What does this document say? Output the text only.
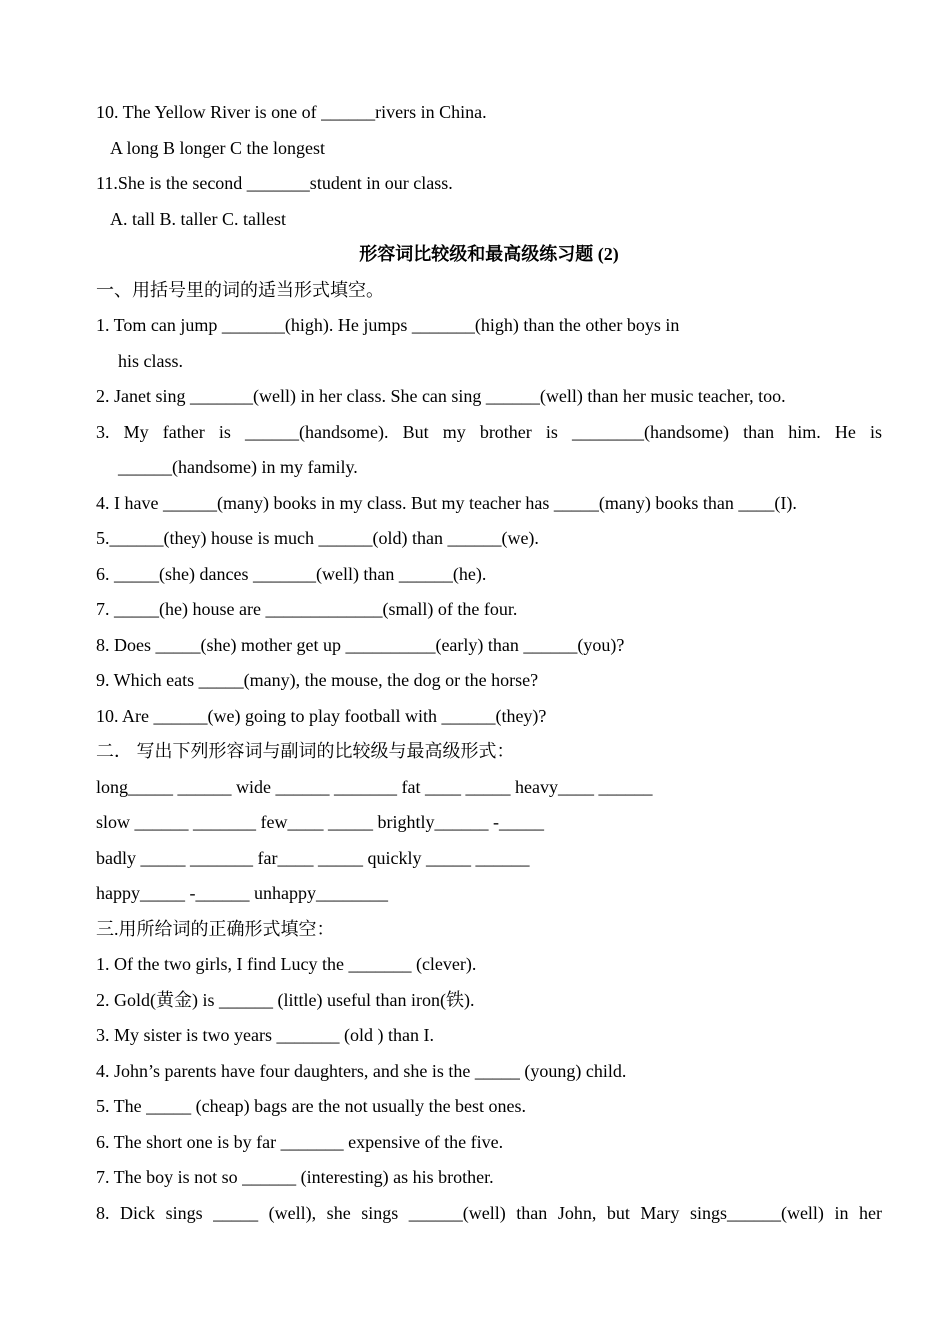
10. The Yellow River is one of ______rivers in China.
A long B longer C the longest
11.She is the second _______student in our class.
A. tall B. taller C. tallest
形容词比较级和最高级练习题 (2)
一、用括号里的词的适当形式填空。
1. Tom can jump _______(high). He jumps _______(high) than the other boys in
his class.
2. Janet sing _______(well) in her class. She can sing ______(well) than her music teacher, too.
3. My father is ______(handsome). But my brother is ________(handsome) than him. He is
______(handsome) in my family.
4. I have ______(many) books in my class. But my teacher has _____(many) books than ____(I).
5.______(they) house is much ______(old) than ______(we).
6. _____(she) dances _______(well) than ______(he).
7. _____(he) house are _____________(small) of the four.
8. Does _____(she) mother get up __________(early) than ______(you)?
9. Which eats _____(many), the mouse, the dog or the horse?
10. Are ______(we) going to play football with ______(they)?
二． 写出下列形容词与副词的比较级与最高级形式：
long_____ ______ wide ______ _______ fat ____ _____ heavy____ ______
slow ______ _______ few____ _____ brightly______ -_____
badly _____ _______ far____ _____ quickly _____ ______
happy_____ -______ unhappy________
三.用所给词的正确形式填空：
1. Of the two girls, I find Lucy the _______ (clever).
2. Gold(黄金) is ______ (little) useful than iron(铁).
3. My sister is two years _______ (old ) than I.
4. John’s parents have four daughters, and she is the _____ (young) child.
5. The _____ (cheap) bags are the not usually the best ones.
6. The short one is by far _______ expensive of the five.
7. The boy is not so ______ (interesting) as his brother.
8. Dick sings _____ (well), she sings ______(well) than John, but Mary sings______(well) in her
